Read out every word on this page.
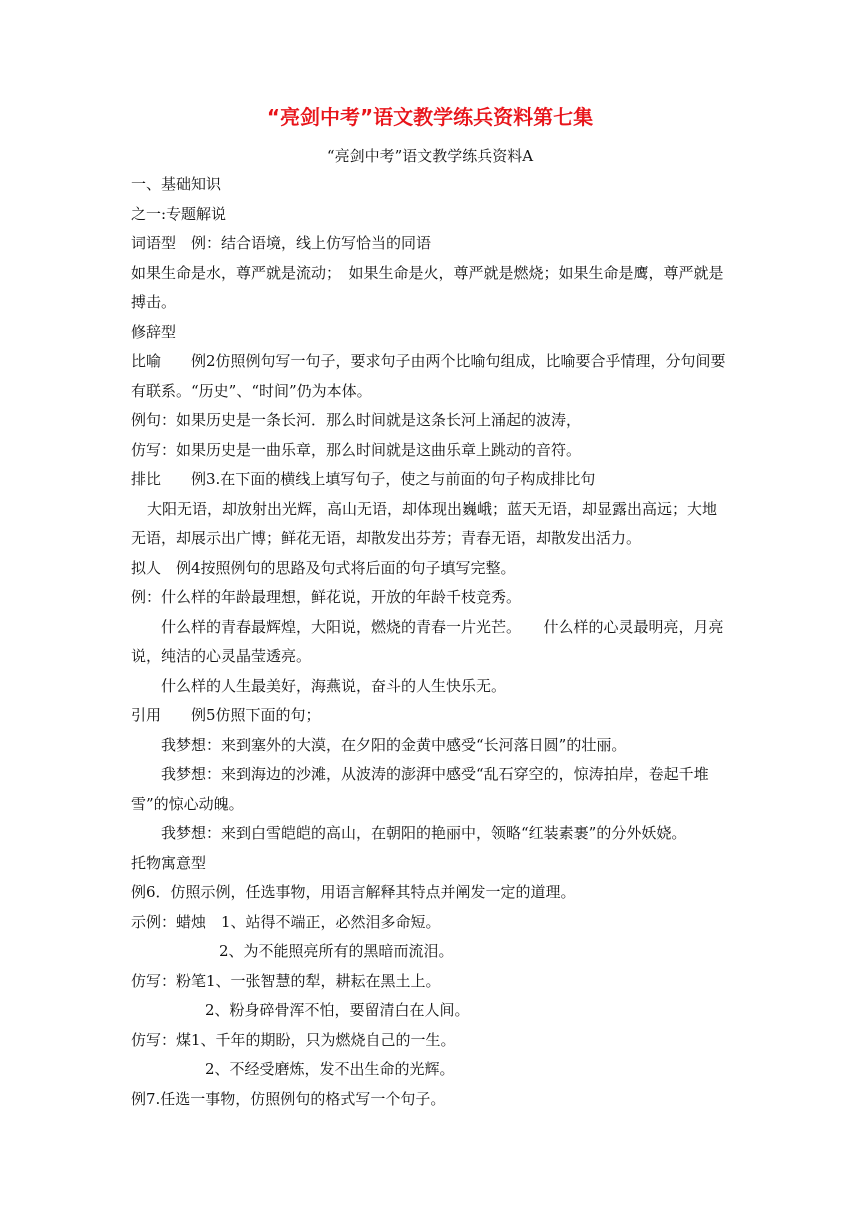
“亮剑中考”语文教学练兵资料第七集
“亮剑中考”语文教学练兵资料A

一、基础知识

之一:专题解说

词语型　例：结合语境，线上仿写恰当的同语

如果生命是水，尊严就是流动；　如果生命是火，尊严就是燃烧；如果生命是鹰，尊严就是搏击。

修辞型

比喻　　例2仿照例句写一句子，要求句子由两个比喻句组成，比喻要合乎情理，分句间要有联系。“历史”、“时间”仍为本体。

例句：如果历史是一条长河．那么时间就是这条长河上涌起的波涛，

仿写：如果历史是一曲乐章，那么时间就是这曲乐章上跳动的音符。

排比　　例3.在下面的横线上填写句子，使之与前面的句子构成排比句

大阳无语，却放射出光辉，高山无语，却体现出巍峨；蓝天无语，却显露出高远；大地无语，却展示出广博；鲜花无语，却散发出芬芳；青春无语，却散发出活力。

拟人　例4按照例句的思路及句式将后面的句子填写完整。

例：什么样的年龄最理想，鲜花说，开放的年龄千枝竞秀。

什么样的青春最辉煌，大阳说，燃烧的青春一片光芒。　　什么样的心灵最明亮，月亮说，纯洁的心灵晶莹透亮。

什么样的人生最美好，海燕说，奋斗的人生快乐无。

引用　　例5仿照下面的句；

我梦想：来到塞外的大漠，在夕阳的金黄中感受“长河落日圆”的壮丽。

我梦想：来到海边的沙滩，从波涛的澎湃中感受“乱石穿空的，惊涛拍岸，卷起千堆雪”的惊心动魄。

我梦想：来到白雪皑皑的高山，在朝阳的艳丽中，领略“红装素裹”的分外妖娆。

托物寓意型

例6．仿照示例，任选事物，用语言解释其特点并阐发一定的道理。

示例：蜡烛　1、站得不端正，必然泪多命短。

2、为不能照亮所有的黑暗而流泪。

仿写：粉笔1、一张智慧的犁，耕耘在黑土上。

2、粉身碎骨浑不怕，要留清白在人间。

仿写：煤1、千年的期盼，只为燃烧自己的一生。

2、不经受磨炼，发不出生命的光辉。

例7.任选一事物，仿照例句的格式写一个句子。
